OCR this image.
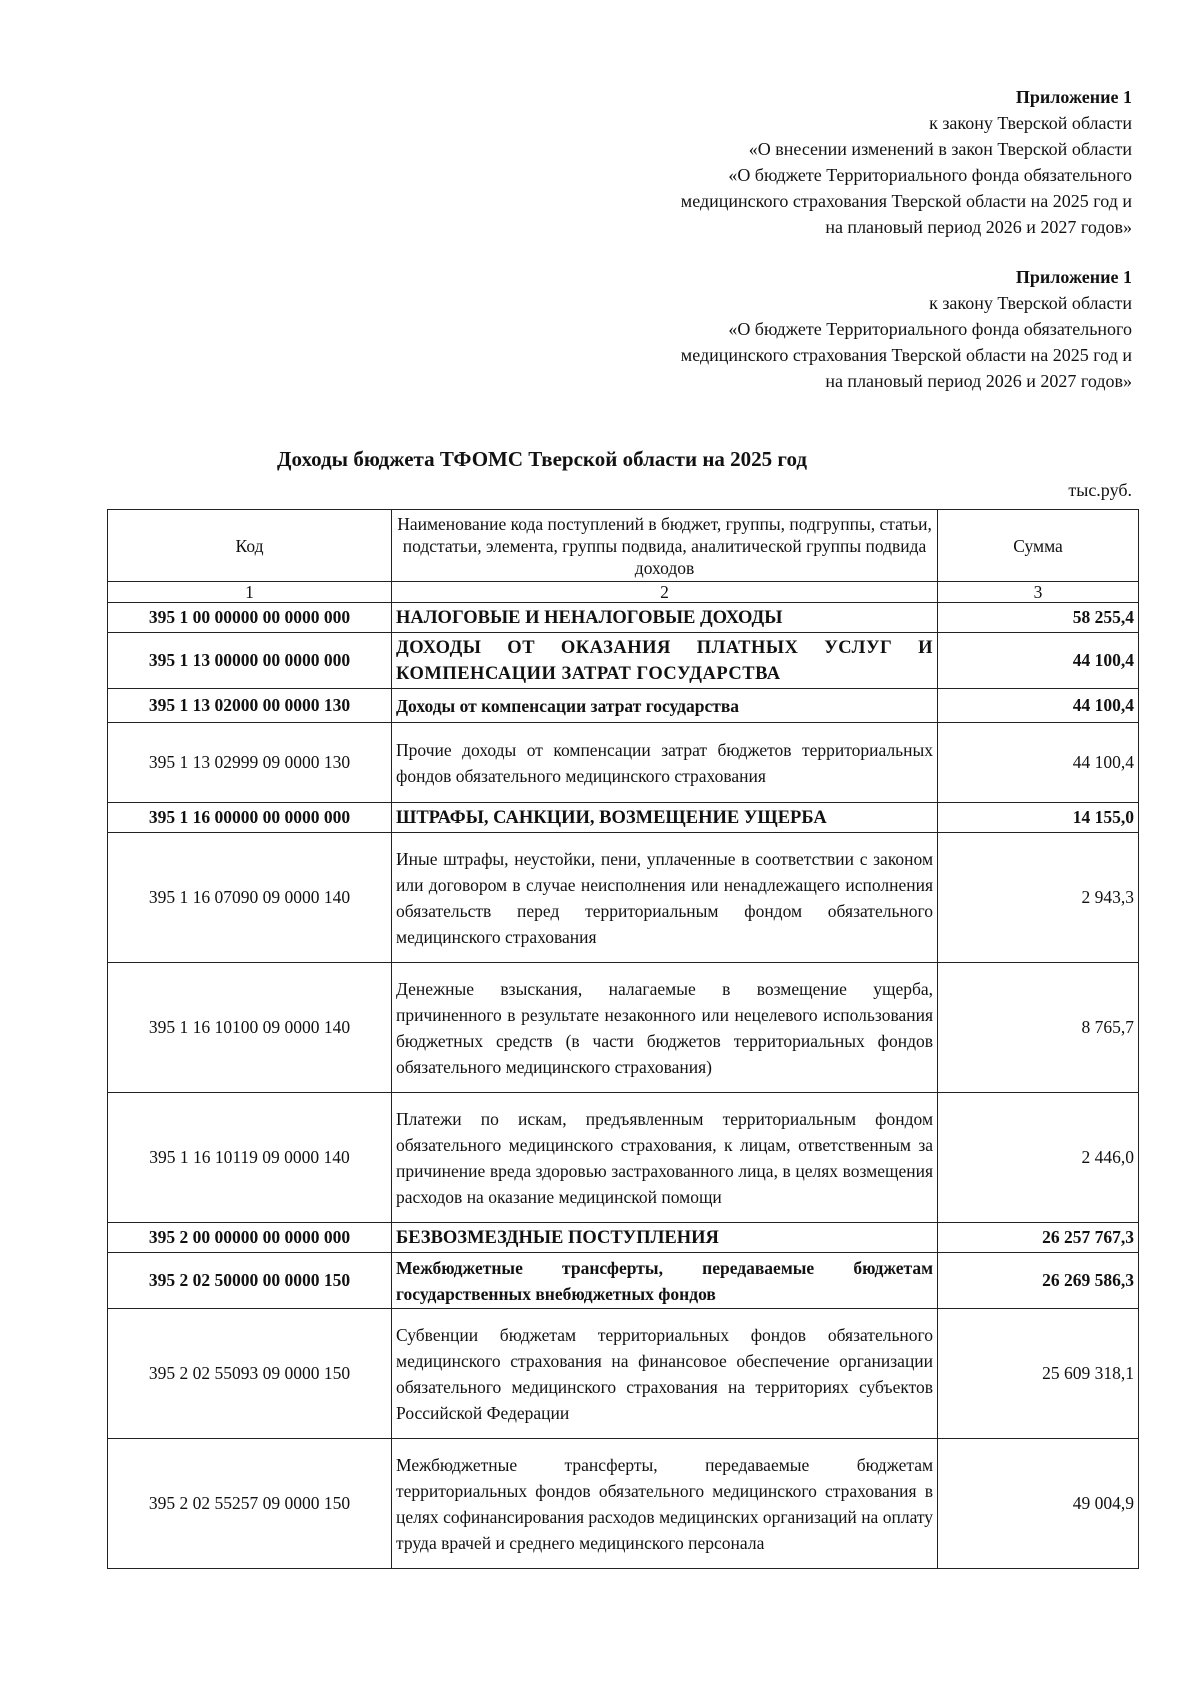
Приложение 1
к закону Тверской области
«О внесении изменений в закон Тверской области
«О бюджете Территориального фонда обязательного
медицинского страхования Тверской области на 2025 год и
на плановый период 2026 и 2027 годов»
Приложение 1
к закону Тверской области
«О бюджете Территориального фонда обязательного
медицинского страхования Тверской области на 2025 год и
на плановый период 2026 и 2027 годов»
Доходы бюджета ТФОМС Тверской области на 2025 год
тыс.руб.
Код	Наименование кода поступлений в бюджет, группы, подгруппы, статьи, подстатьи, элемента, группы подвида, аналитической группы подвида доходов	Сумма
1	2	3
395 1 00 00000 00 0000 000	НАЛОГОВЫЕ И НЕНАЛОГОВЫЕ ДОХОДЫ	58 255,4
395 1 13 00000 00 0000 000	ДОХОДЫ ОТ ОКАЗАНИЯ ПЛАТНЫХ УСЛУГ И КОМПЕНСАЦИИ ЗАТРАТ ГОСУДАРСТВА	44 100,4
395 1 13 02000 00 0000 130	Доходы от компенсации затрат государства	44 100,4
395 1 13 02999 09 0000 130	Прочие доходы от компенсации затрат бюджетов территориальных фондов обязательного медицинского страхования	44 100,4
395 1 16 00000 00 0000 000	ШТРАФЫ, САНКЦИИ, ВОЗМЕЩЕНИЕ УЩЕРБА	14 155,0
395 1 16 07090 09 0000 140	Иные штрафы, неустойки, пени, уплаченные в соответствии с законом или договором в случае неисполнения или ненадлежащего исполнения обязательств перед территориальным фондом обязательного медицинского страхования	2 943,3
395 1 16 10100 09 0000 140	Денежные взыскания, налагаемые в возмещение ущерба, причиненного в результате незаконного или нецелевого использования бюджетных средств (в части бюджетов территориальных фондов обязательного медицинского страхования)	8 765,7
395 1 16 10119 09 0000 140	Платежи по искам, предъявленным территориальным фондом обязательного медицинского страхования, к лицам, ответственным за причинение вреда здоровью застрахованного лица, в целях возмещения расходов на оказание медицинской помощи	2 446,0
395 2 00 00000 00 0000 000	БЕЗВОЗМЕЗДНЫЕ ПОСТУПЛЕНИЯ	26 257 767,3
395 2 02 50000 00 0000 150	Межбюджетные трансферты, передаваемые бюджетам государственных внебюджетных фондов	26 269 586,3
395 2 02 55093 09 0000 150	Субвенции бюджетам территориальных фондов обязательного медицинского страхования на финансовое обеспечение организации обязательного медицинского страхования на территориях субъектов Российской Федерации	25 609 318,1
395 2 02 55257 09 0000 150	Межбюджетные трансферты, передаваемые бюджетам территориальных фондов обязательного медицинского страхования в целях софинансирования расходов медицинских организаций на оплату труда врачей и среднего медицинского персонала	49 004,9
